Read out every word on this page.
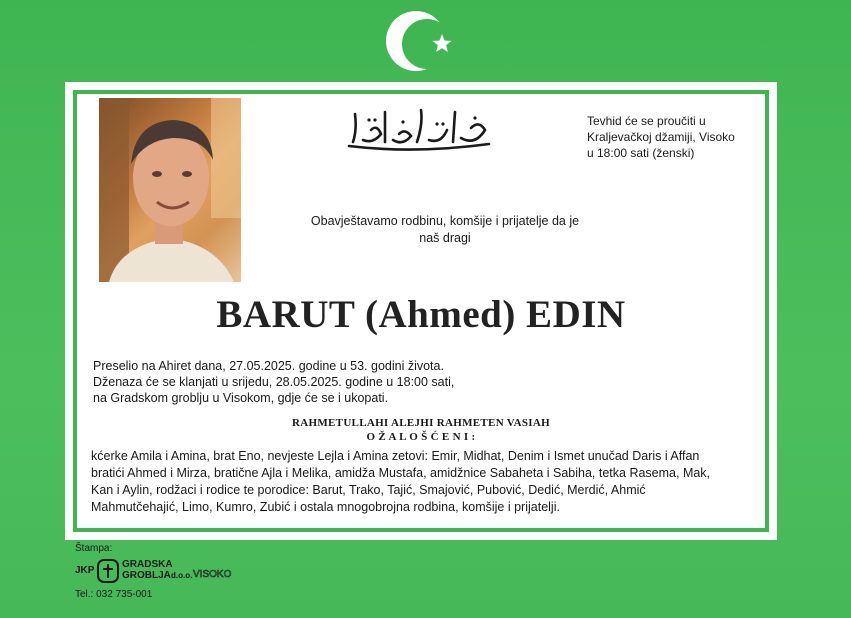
Tevhid će se proučiti u
Kraljevačkoj džamiji, Visoko
u 18:00 sati (ženski)
Obavještavamo rodbinu, komšije i prijatelje da je
naš dragi
BARUT (Ahmed) EDIN
Preselio na Ahiret dana, 27.05.2025. godine u 53. godini života.
Dženaza će se klanjati u srijedu, 28.05.2025. godine u 18:00 sati,
na Gradskom groblju u Visokom, gdje će se i ukopati.
RAHMETULLAHI ALEJHI RAHMETEN VASIAH
O Ž A L O Š Ć E N I :
kćerke Amila i Amina, brat Eno, nevjeste Lejla i Amina zetovi: Emir, Midhat, Denim i Ismet unučad Daris i Affan
bratići Ahmed i Mirza, bratične Ajla i Melika, amidža Mustafa, amidžnice Sabaheta i Sabiha, tetka Rasema, Mak,
Kan i Aylin, rodžaci i rodice te porodice: Barut, Trako, Tajić, Smajović, Pubović, Dedić, Merdić, Ahmić
Mahmutčehajić, Limo, Kumro, Zubić i ostala mnogobrojna rodbina, komšije i prijatelji.
Štampa:
JKP
GRADSKA
GROBLJA d.o.o. VISOKO
Tel.: 032 735-001
